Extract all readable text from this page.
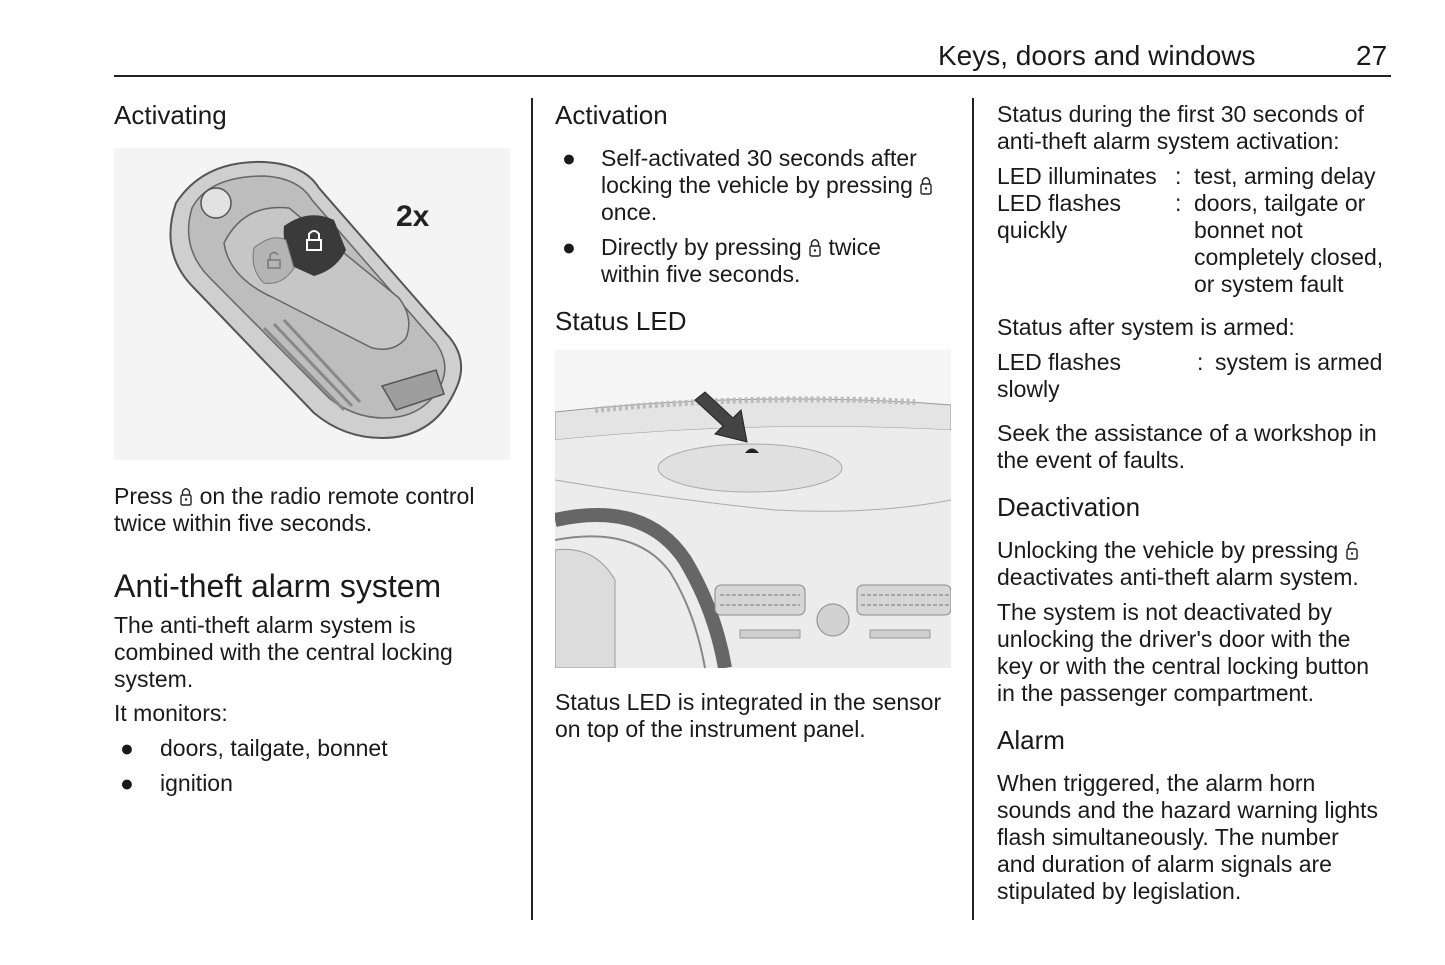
Keys, doors and windows	27
Activating
2x
Press
on the radio remote control
twice within five seconds.
Anti-theft alarm system
The anti-theft alarm system is
combined with the central locking
system.
It monitors:
● doors, tailgate, bonnet
● ignition
Activation
● Self-activated 30 seconds after
locking the vehicle by pressing
once.
● Directly by pressing
twice
within five seconds.
Status LED
Status LED is integrated in the sensor
on top of the instrument panel.
Status during the first 30 seconds of
anti-theft alarm system activation:
LED illuminates : test, arming delay
LED flashes
quickly
: doors, tailgate or
bonnet not
completely closed,
or system fault
Status after system is armed:
LED flashes
slowly
: system is armed
Seek the assistance of a workshop in
the event of faults.
Deactivation
Unlocking the vehicle by pressing
deactivates anti-theft alarm system.
The system is not deactivated by
unlocking the driver's door with the
key or with the central locking button
in the passenger compartment.
Alarm
When triggered, the alarm horn
sounds and the hazard warning lights
flash simultaneously. The number
and duration of alarm signals are
stipulated by legislation.
